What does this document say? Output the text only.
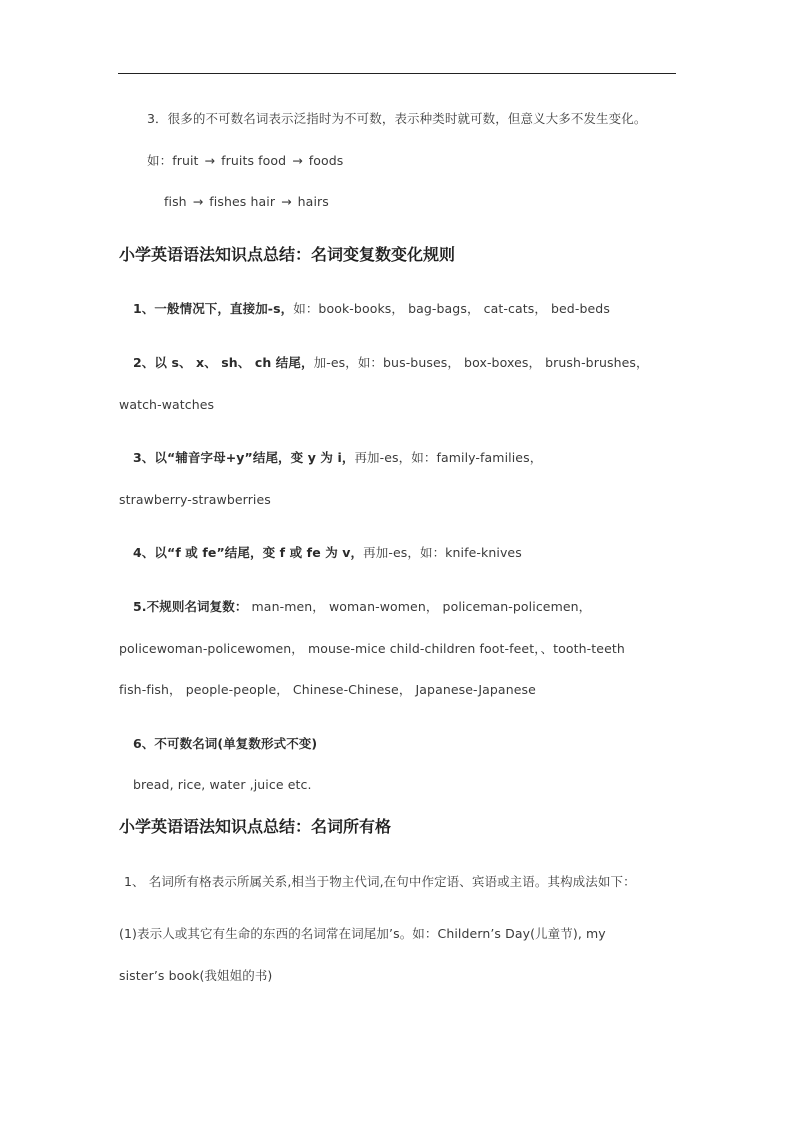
3．很多的不可数名词表示泛指时为不可数，表示种类时就可数，但意义大多不发生变化。
如：fruit → fruits food → foods
fish → fishes hair → hairs
小学英语语法知识点总结：名词变复数变化规则
1、一般情况下，直接加-s，如：book-books， bag-bags， cat-cats， bed-beds
2、以 s、 x、 sh、 ch 结尾，加-es，如：bus-buses， box-boxes， brush-brushes，
watch-watches
3、以“辅音字母+y”结尾，变 y 为 i，再加-es，如：family-families，
strawberry-strawberries
4、以“f 或 fe”结尾，变 f 或 fe 为 v，再加-es，如：knife-knives
5.不规则名词复数： man-men， woman-women， policeman-policemen，
policewoman-policewomen， mouse-mice child-children foot-feet，、tooth-teeth
fish-fish， people-people， Chinese-Chinese， Japanese-Japanese
6、不可数名词(单复数形式不变)
bread, rice, water ,juice etc.
小学英语语法知识点总结：名词所有格
1、 名词所有格表示所属关系,相当于物主代词,在句中作定语、宾语或主语。其构成法如下：
(1)表示人或其它有生命的东西的名词常在词尾加’s。如：Childern’s Day(儿童节), my
sister’s book(我姐姐的书)
